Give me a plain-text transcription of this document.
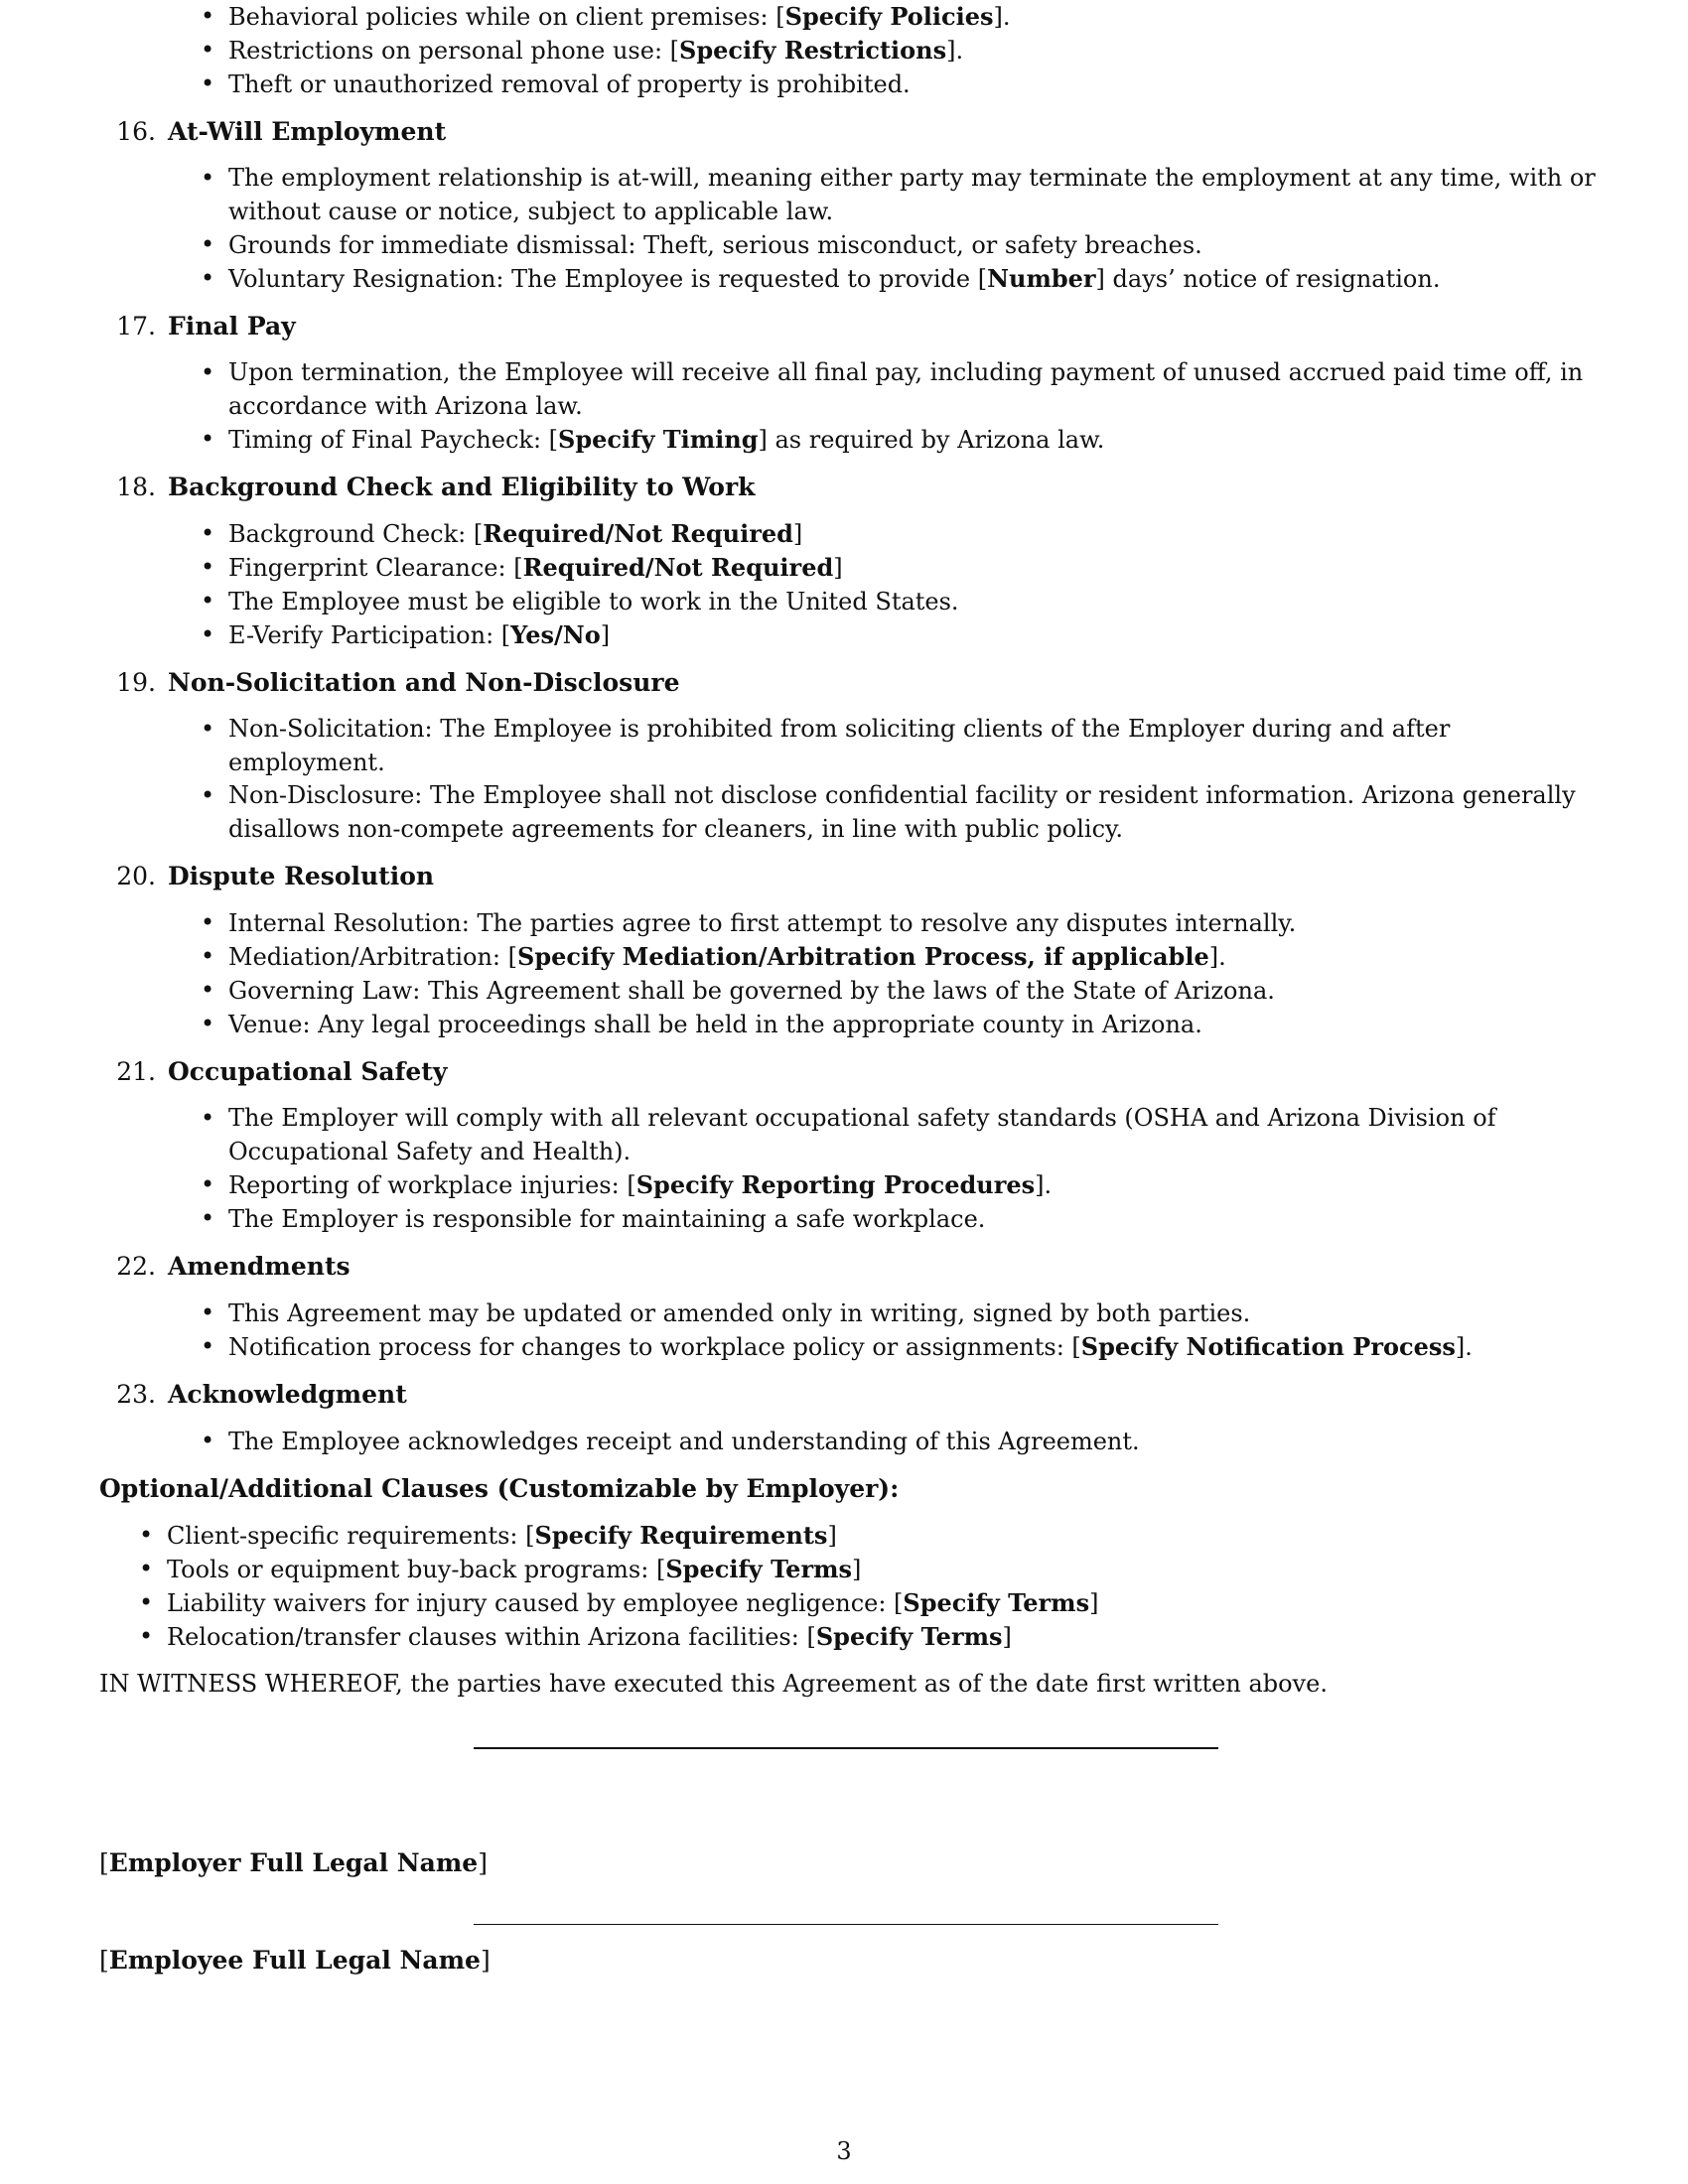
• Behavioral policies while on client premises: [Specify Policies].
• Restrictions on personal phone use: [Specify Restrictions].
• Theft or unauthorized removal of property is prohibited.
16. At-Will Employment
• The employment relationship is at-will, meaning either party may terminate the employment at any time, with or without cause or notice, subject to applicable law.
• Grounds for immediate dismissal: Theft, serious misconduct, or safety breaches.
• Voluntary Resignation: The Employee is requested to provide [Number] days’ notice of resignation.
17. Final Pay
• Upon termination, the Employee will receive all final pay, including payment of unused accrued paid time off, in accordance with Arizona law.
• Timing of Final Paycheck: [Specify Timing] as required by Arizona law.
18. Background Check and Eligibility to Work
• Background Check: [Required/Not Required]
• Fingerprint Clearance: [Required/Not Required]
• The Employee must be eligible to work in the United States.
• E-Verify Participation: [Yes/No]
19. Non-Solicitation and Non-Disclosure
• Non-Solicitation: The Employee is prohibited from soliciting clients of the Employer during and after employment.
• Non-Disclosure: The Employee shall not disclose confidential facility or resident information. Arizona generally disallows non-compete agreements for cleaners, in line with public policy.
20. Dispute Resolution
• Internal Resolution: The parties agree to first attempt to resolve any disputes internally.
• Mediation/Arbitration: [Specify Mediation/Arbitration Process, if applicable].
• Governing Law: This Agreement shall be governed by the laws of the State of Arizona.
• Venue: Any legal proceedings shall be held in the appropriate county in Arizona.
21. Occupational Safety
• The Employer will comply with all relevant occupational safety standards (OSHA and Arizona Division of Occupational Safety and Health).
• Reporting of workplace injuries: [Specify Reporting Procedures].
• The Employer is responsible for maintaining a safe workplace.
22. Amendments
• This Agreement may be updated or amended only in writing, signed by both parties.
• Notification process for changes to workplace policy or assignments: [Specify Notification Process].
23. Acknowledgment
• The Employee acknowledges receipt and understanding of this Agreement.
Optional/Additional Clauses (Customizable by Employer):
• Client-specific requirements: [Specify Requirements]
• Tools or equipment buy-back programs: [Specify Terms]
• Liability waivers for injury caused by employee negligence: [Specify Terms]
• Relocation/transfer clauses within Arizona facilities: [Specify Terms]

IN WITNESS WHEREOF, the parties have executed this Agreement as of the date first written above.

[Employer Full Legal Name]
[Employee Full Legal Name]
3
